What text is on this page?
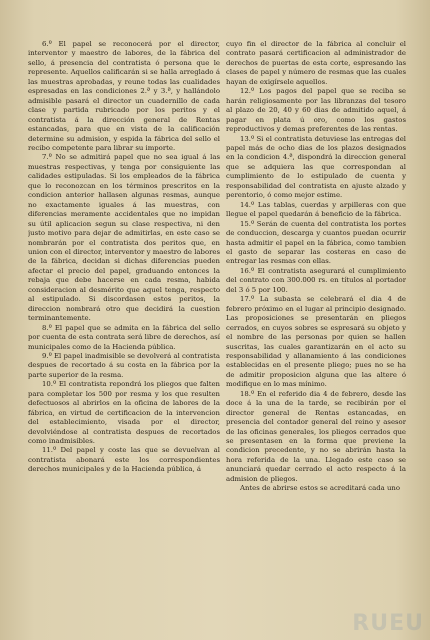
6.º El papel se reconocerá por el director, interventor y maestro de labores, de la fábrica del sello, á presencia del contratista ó persona que le represente. Aquellos calificarán si se halla arreglado á las muestras aprobadas, y reune todas las cualidades espresadas en las condiciones 2.ª y 3.ª, y hallándolo admisible pasará el director un cuadernillo de cada clase y partida rubricado por los peritos y el contratista á la dirección general de Rentas estancadas, para que en vista de la calificación determine su admision, y espida la fábrica del sello el recibo competente para librar su importe.

7.º No se admitirá papel que no sea igual á las muestras respectivas, y tenga por consiguiente las calidades estipuladas. Si los empleados de la fábrica que lo reconozcan en los términos prescritos en la condicion anterior hallasen algunas resmas, aunque no exactamente iguales á las muestras, con diferencias meramente accidentales que no impidan su útil aplicacion segun su clase respectiva, ni den justo motivo para dejar de admitirlas, en este caso se nombrarán por el contratista dos peritos que, en union con el director, interventor y maestro de labores de la fábrica, decidan si dichas diferencias pueden afectar el precio del papel, graduando entonces la rebaja que debe hacerse en cada resma, habida consideracion al desmérito que aquel tenga, respecto al estipulado. Si discordasen estos peritos, la direccion nombrará otro que decidirá la cuestion terminantemente.

8.º El papel que se admita en la fábrica del sello por cuenta de esta contrata será libre de derechos, así municipales como de la Hacienda pública.

9.º El papel inadmisible se devolverá al contratista despues de recortado á su costa en la fábrica por la parte superior de la resma.

10.º El contratista repondrá los pliegos que falten para completar los 500 por resma y los que resulten defectuosos al abrirlos en la oficina de labores de la fábrica, en virtud de certificacion de la intervencion del establecimiento, visada por el director, devolviéndose al contratista despues de recortados como inadmisibles.

11.º Del papel y coste las que se devuelvan al contratista abonará este los correspondientes derechos municipales y de la Hacienda pública, á

cuyo fin el director de la fábrica al concluir el contrato pasará certificacion al administrador de derechos de puertas de esta corte, espresando las clases de papel y número de resmas que las cuales hayan de exigírsele aquellos.

12.º Los pagos del papel que se reciba se harán religiosamente por las libranzas del tesoro al plazo de 20, 40 y 60 dias de admitido aquel, á pagar en plata ú oro, como los gastos reproductivos y demas preferentes de las rentas.

13.º Si el contratista detuviese las entregas del papel más de ocho dias de los plazos designados en la condicion 4.ª, dispondrá la direccion general que se adquiera las que correspondan al cumplimiento de lo estipulado de cuenta y responsabilidad del contratista en ajuste alzado y perentorio, ó como mejor estime.

14.º Las tablas, cuerdas y arpilleras con que llegue el papel quedarán á beneficio de la fábrica.

15.º Serán de cuenta del contratista los portes de conduccion, descarga y cuantos puedan ocurrir hasta admitir el papel en la fábrica, como tambien el gasto de separar las costeras en caso de entregar las resmas con ellas.

16.º El contratista asegurará el cumplimiento del contrato con 300.000 rs. en títulos al portador del 3 ó 5 por 100.

17.º La subasta se celebrará el dia 4 de febrero próximo en el lugar al principio designado. Las proposiciones se presentarán en pliegos cerrados, en cuyos sobres se espresará su objeto y el nombre de las personas por quien se hallen suscritas, las cuales garantizarán en el acto su responsabilidad y allanamiento á las condiciones establecidas en el presente pliego; pues no se ha de admitir proposicion alguna que las altere ó modifique en lo mas mínimo.

18.º En el referido dia 4 de febrero, desde las doce á la una de la tarde, se recibirán por el director general de Rentas estancadas, en presencia del contador general del reino y asesor de las oficinas generales, los pliegos cerrados que se presentasen en la forma que previene la condicion precedente, y no se abrirán hasta la hora referida de la una. Llegado este caso se anunciará quedar cerrado el acto respecto á la admision de pliegos.

Antes de abrirse estos se acreditará cada uno

RUEU
